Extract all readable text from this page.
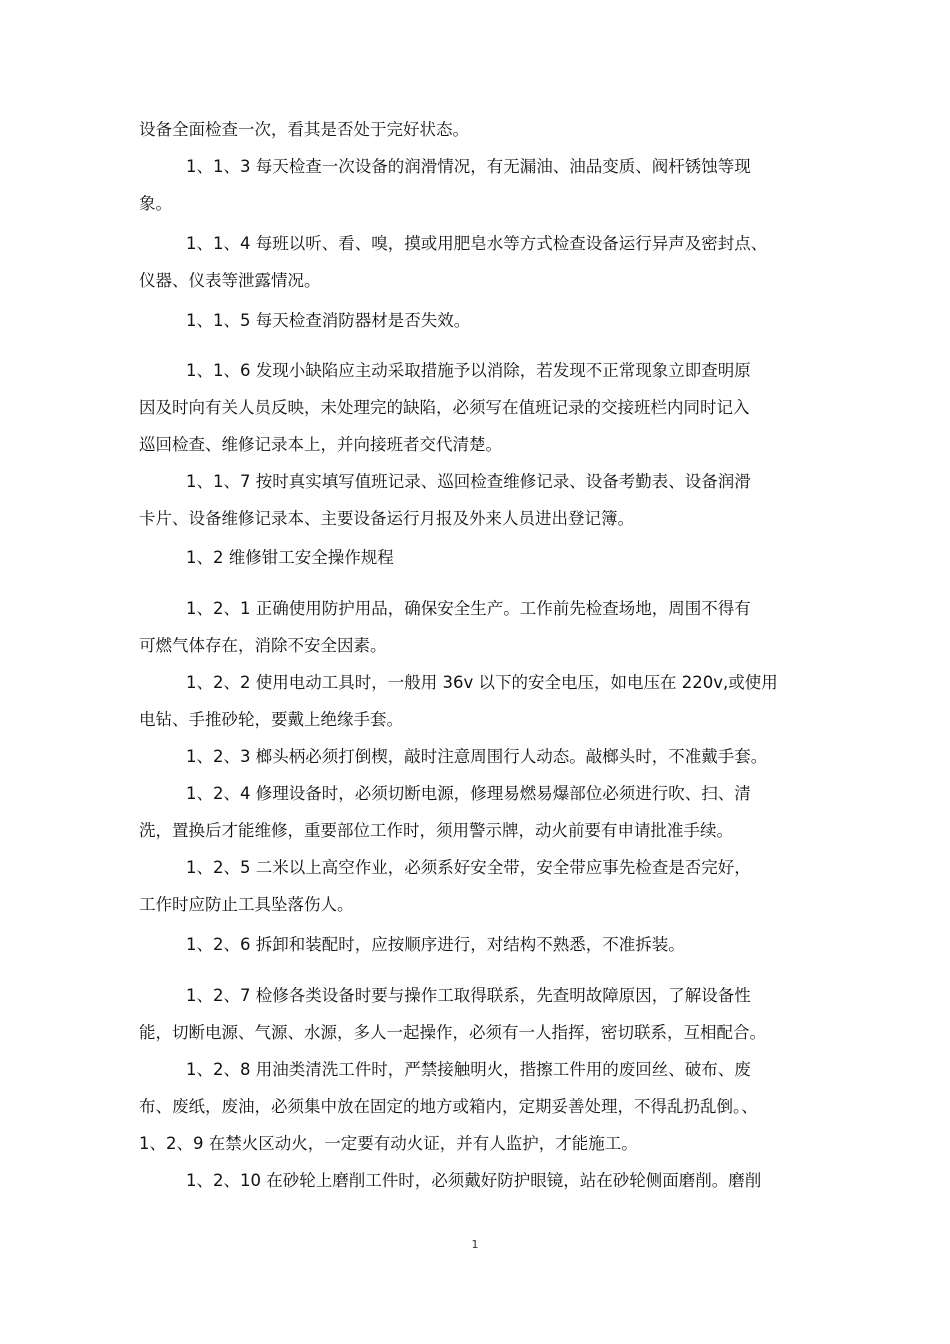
设备全面检查一次，看其是否处于完好状态。

1、1、3 每天检查一次设备的润滑情况，有无漏油、油品变质、阀杆锈蚀等现
象。

1、1、4 每班以听、看、嗅，摸或用肥皂水等方式检查设备运行异声及密封点、
仪器、仪表等泄露情况。

1、1、5 每天检查消防器材是否失效。

1、1、6 发现小缺陷应主动采取措施予以消除，若发现不正常现象立即查明原
因及时向有关人员反映，未处理完的缺陷，必须写在值班记录的交接班栏内同时记入
巡回检查、维修记录本上，并向接班者交代清楚。

1、1、7 按时真实填写值班记录、巡回检查维修记录、设备考勤表、设备润滑
卡片、设备维修记录本、主要设备运行月报及外来人员进出登记簿。

1、2 维修钳工安全操作规程

1、2、1 正确使用防护用品，确保安全生产。工作前先检查场地，周围不得有
可燃气体存在，消除不安全因素。

1、2、2 使用电动工具时，一般用 36v 以下的安全电压，如电压在 220v,或使用
电钻、手推砂轮，要戴上绝缘手套。

1、2、3 榔头柄必须打倒楔，敲时注意周围行人动态。敲榔头时，不准戴手套。

1、2、4 修理设备时，必须切断电源，修理易燃易爆部位必须进行吹、扫、清
洗，置换后才能维修，重要部位工作时，须用警示牌，动火前要有申请批准手续。

1、2、5 二米以上高空作业，必须系好安全带，安全带应事先检查是否完好，
工作时应防止工具坠落伤人。

1、2、6 拆卸和装配时，应按顺序进行，对结构不熟悉，不准拆装。

1、2、7 检修各类设备时要与操作工取得联系，先查明故障原因，了解设备性
能，切断电源、气源、水源，多人一起操作，必须有一人指挥，密切联系，互相配合。

1、2、8 用油类清洗工件时，严禁接触明火，揩擦工件用的废回丝、破布、废
布、废纸，废油，必须集中放在固定的地方或箱内，定期妥善处理，不得乱扔乱倒。、

1、2、9 在禁火区动火，一定要有动火证，并有人监护，才能施工。

1、2、10 在砂轮上磨削工件时，必须戴好防护眼镜，站在砂轮侧面磨削。磨削

1
